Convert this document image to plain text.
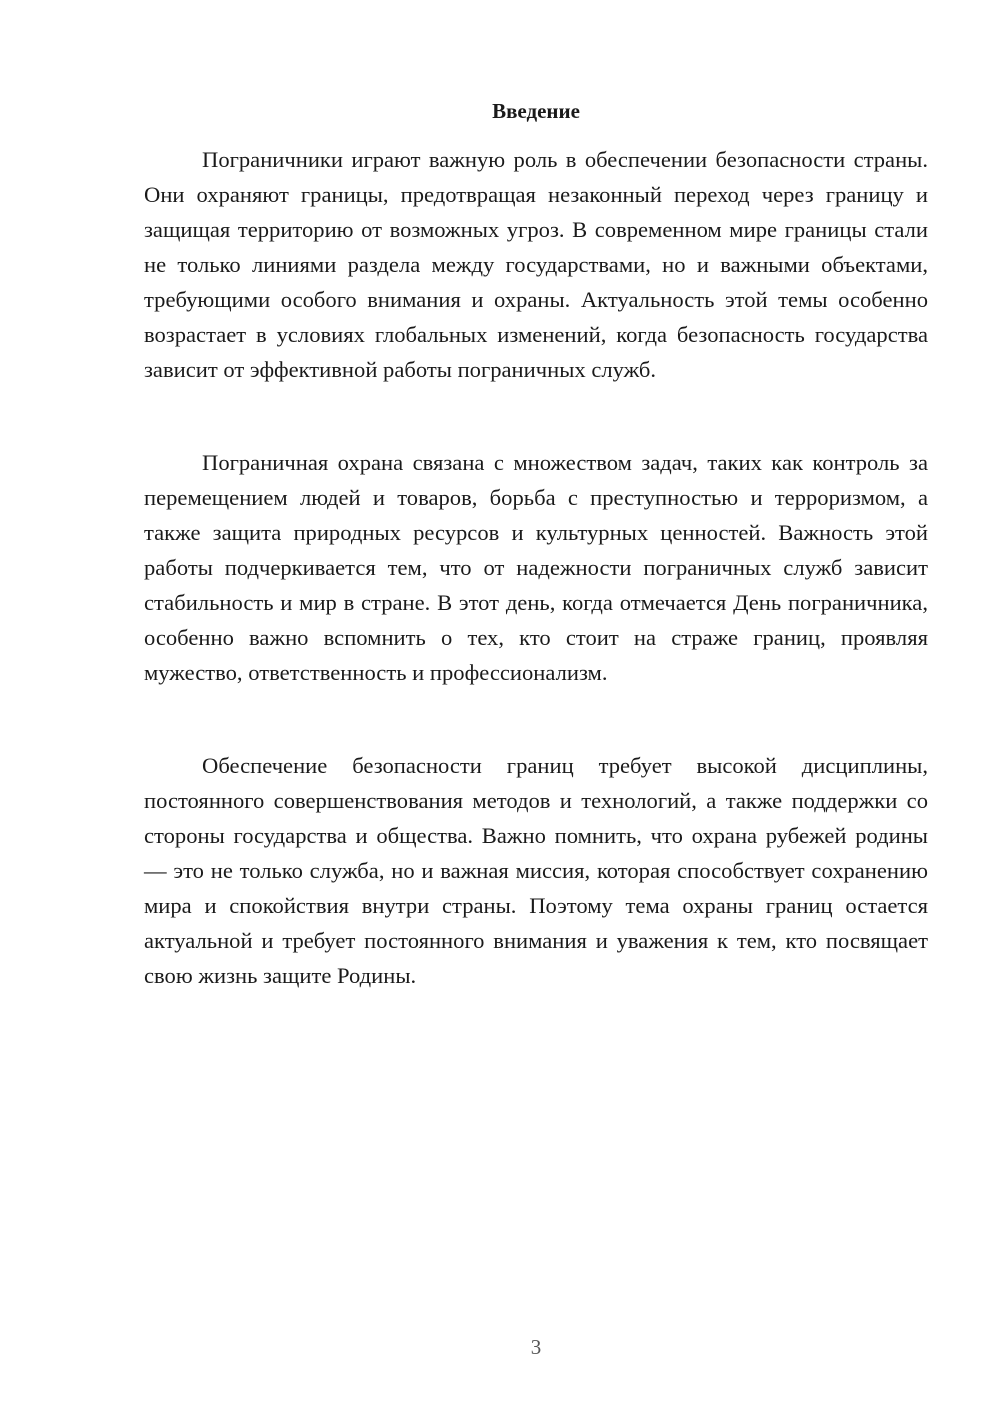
Введение

Пограничники играют важную роль в обеспечении безопасности страны. Они охраняют границы, предотвращая незаконный переход через границу и защищая территорию от возможных угроз. В современном мире границы стали не только линиями раздела между государствами, но и важными объектами, требующими особого внимания и охраны. Актуальность этой темы особенно возрастает в условиях глобальных изменений, когда безопасность государства зависит от эффективной работы пограничных служб.

Пограничная охрана связана с множеством задач, таких как контроль за перемещением людей и товаров, борьба с преступностью и терроризмом, а также защита природных ресурсов и культурных ценностей. Важность этой работы подчеркивается тем, что от надежности пограничных служб зависит стабильность и мир в стране. В этот день, когда отмечается День пограничника, особенно важно вспомнить о тех, кто стоит на страже границ, проявляя мужество, ответственность и профессионализм.

Обеспечение безопасности границ требует высокой дисциплины, постоянного совершенствования методов и технологий, а также поддержки со стороны государства и общества. Важно помнить, что охрана рубежей родины — это не только служба, но и важная миссия, которая способствует сохранению мира и спокойствия внутри страны. Поэтому тема охраны границ остается актуальной и требует постоянного внимания и уважения к тем, кто посвящает свою жизнь защите Родины.

3
